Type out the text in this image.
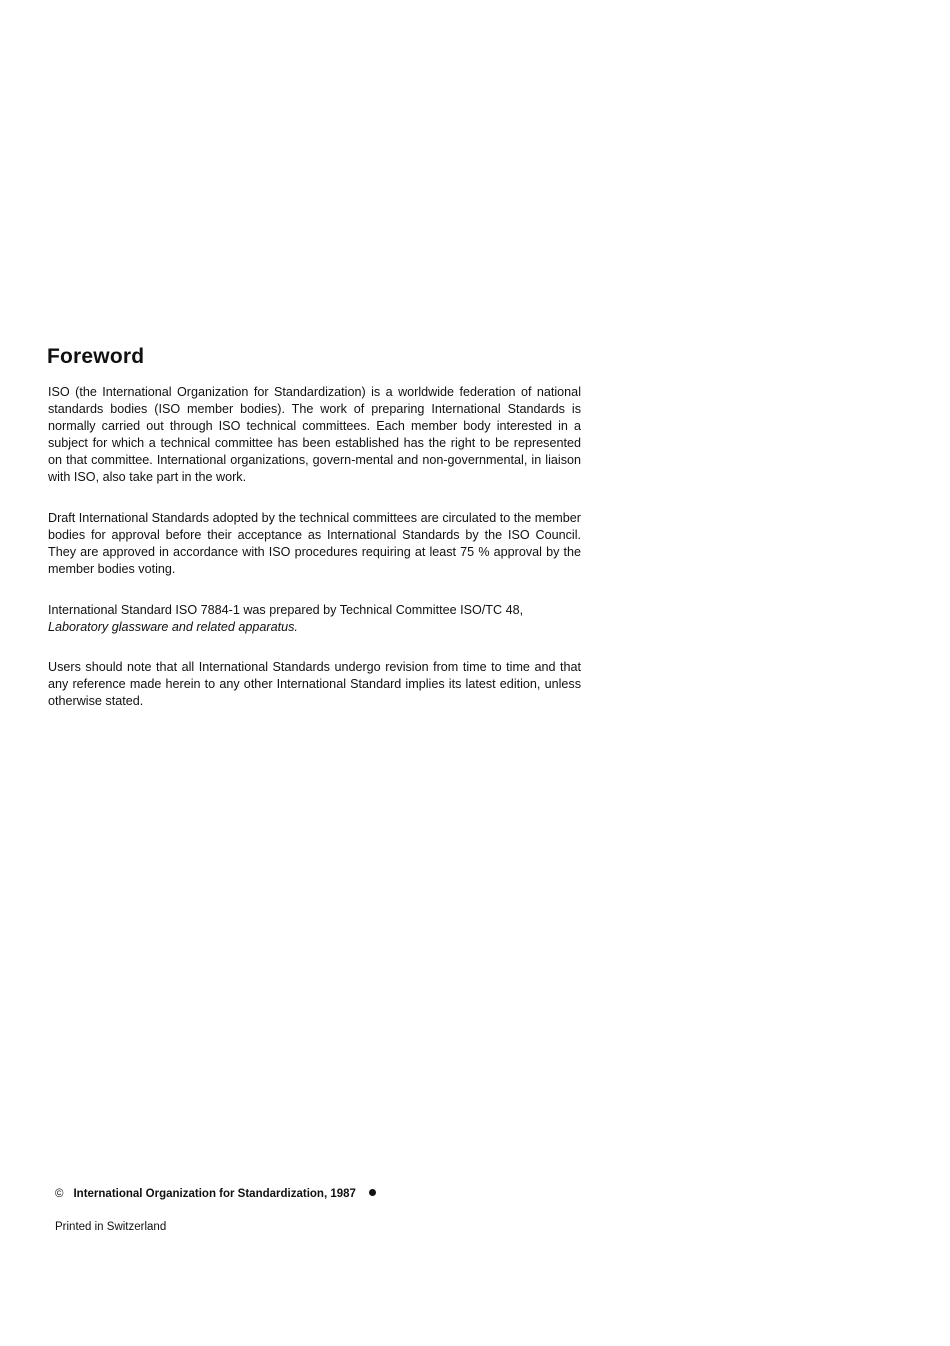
Foreword

ISO (the International Organization for Standardization) is a worldwide federation of national standards bodies (ISO member bodies). The work of preparing International Standards is normally carried out through ISO technical committees. Each member body interested in a subject for which a technical committee has been established has the right to be represented on that committee. International organizations, govern-mental and non-governmental, in liaison with ISO, also take part in the work.

Draft International Standards adopted by the technical committees are circulated to the member bodies for approval before their acceptance as International Standards by the ISO Council. They are approved in accordance with ISO procedures requiring at least 75 % approval by the member bodies voting.

International Standard ISO 7884-1 was prepared by Technical Committee ISO/TC 48,
Laboratory glassware and related apparatus.

Users should note that all International Standards undergo revision from time to time and that any reference made herein to any other International Standard implies its latest edition, unless otherwise stated.

© International Organization for Standardization, 1987
Printed in Switzerland
